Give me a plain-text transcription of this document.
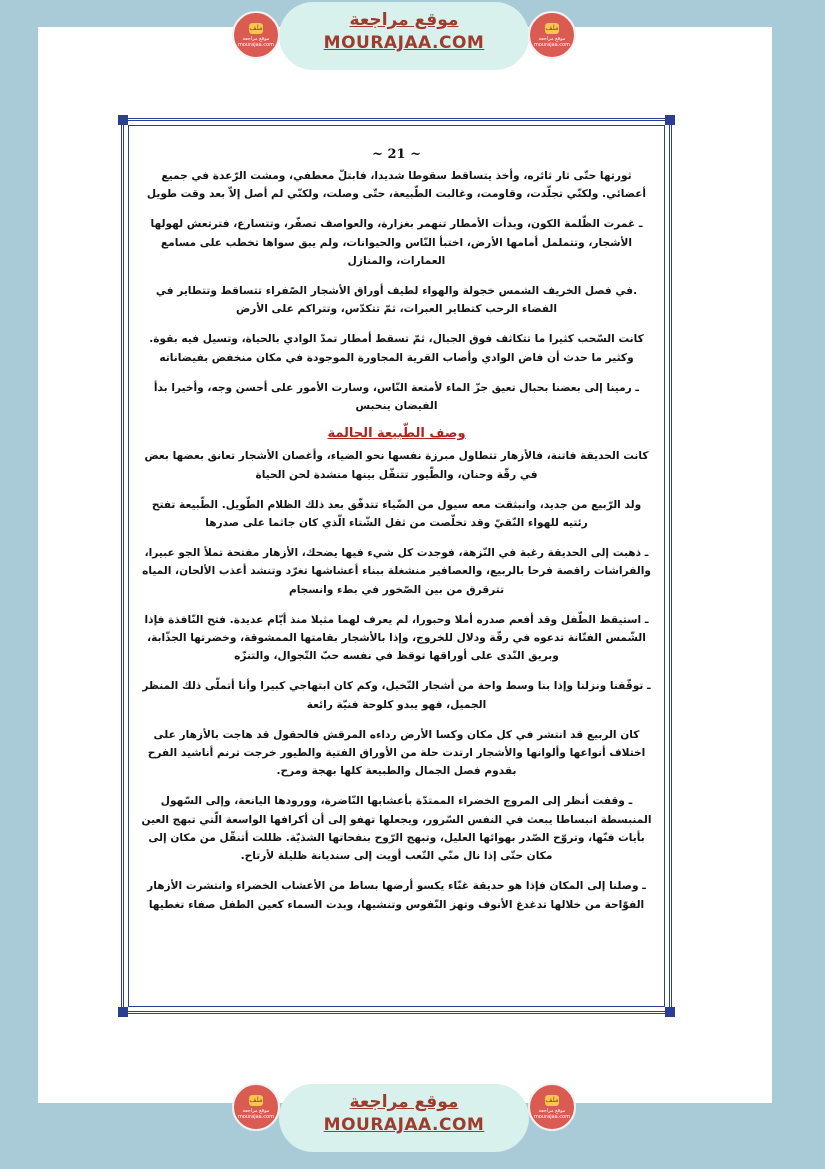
ملف
موقع مراجعة mourajaa.com
موقع مراجعة
MOURAJAA.COM
ملف
موقع مراجعة mourajaa.com
~ 21 ~

ثورتها حتّى ثار ثائره، وأخذ يتساقط سقوطا شديدا، فابتلّ معطفي، ومشت الرّعدة في جميع أعضائي. ولكنّي تجلّدت، وقاومت، وغالبت الطّبيعة، حتّى وصلت، ولكنّي لم أصل إلاّ بعد وقت طويل

ـ غمرت الظّلمة الكون، وبدأت الأمطار تنهمر بغزارة، والعواصف تصفّر، وتتسارع، فترتعش لهولها الأشجار، وتتململ أمامها الأرض، اختبأ النّاس والحيوانات، ولم يبق سواها تخطب على مسامع العمارات، والمنازل

.في فصل الخريف الشمس خجولة والهواء لطيف أوراق الأشجار الصّفراء تتساقط وتتطاير في الفضاء الرحب كتطاير العبرات، ثمّ تتكدّس، وتتراكم على الأرض

كانت السّحب كثيرا ما تتكاثف فوق الجبال، ثمّ تسقط أمطار تمدّ الوادي بالحياة، وتسيل فيه بقوة. وكثير ما حدث أن فاض الوادي وأصاب القرية المجاورة الموجودة في مكان منخفض بفيضاناته

ـ رمينا إلى بعضنا بحبال تعيق جزّ الماء لأمتعة النّاس، وسارت الأمور على أحسن وجه، وأخيرا بدأ الفيضان ينحبس

وصف الطّبيعة الحالمة

كانت الحديقة فاتنة، فالأزهار تتطاول مبرزة نفسها نحو الضياء، وأغصان الأشجار تعانق بعضها بعض في رقّة وحنان، والطّيور تتنقّل بينها منشدة لحن الحياة

ولد الرّبيع من جديد، وانبثقت معه سيول من الضّياء تتدفّق بعد ذلك الظلام الطّويل. الطّبيعة تفتح رئتيه للهواء النّقيّ وقد تخلّصت من ثقل الشّتاء الّذي كان جاثما على صدرها

ـ ذهبت إلى الحديقة رغبة في النّزهة، فوجدت كل شيء فيها يضحك، الأزهار مفتحة تملأ الجو عبيرا، والفراشات راقصة فرحا بالربيع، والعصافير منشغلة ببناء أعشاشها تغرّد وتنشد أعذب الألحان، المياه تترقرق من بين الصّخور في بطء وانسجام

ـ استيقظ الطّفل وقد أفعم صدره أملا وحبورا، لم يعرف لهما مثيلا منذ أيّام عديدة. فتح النّافذة فإذا الشّمس الفتّانة تدعوه في رقّة ودلال للخروج، وإذا بالأشجار بقامتها الممشوقة، وخضرتها الجذّابة، وبريق النّدى على أوراقها توقظ في نفسه حبّ التّجوال، والتنزّه

ـ توقّفنا ونزلنا وإذا بنا وسط واحة من أشجار النّخيل، وكم كان ابتهاجي كبيرا وأنا أتملّى ذلك المنظر الجميل، فهو يبدو كلوحة فنيّة رائعة

كان الربيع قد انتشر في كل مكان وكسا الأرض رداءه المرقش فالحقول قد هاجت بالأزهار على اختلاف أنواعها وألوانها والأشجار ارتدت حلة من الأوراق الفتية والطيور خرجت ترنم أناشيد الفرح بقدوم فصل الجمال والطبيعة كلها بهجة ومرح.

ـ وقفت أنظر إلى المروج الخضراء الممتدّة بأعشابها النّاضرة، وورودها اليانعة، وإلى السّهول المنبسطة انبساطا يبعث في النفس السّرور، ويجعلها تهفو إلى أن أكرافها الواسعة الّتي تبهج العين بأيات فنّها، وتروّح الصّدر بهوائها العليل، وتبهج الرّوح بنفحاتها الشذيّة. ظللت أتنقّل من مكان إلى مكان حتّى إذا نال منّي التّعب أويت إلى سنديانة ظليلة لأرتاح.

ـ وصلنا إلى المكان فإذا هو حديقة غنّاء يكسو أرضها بساط من الأعشاب الخضراء وانتشرت الأزهار الفوّاحة من خلالها تدغدغ الأنوف وتهز النّفوس وتنشيها، وبدت السماء كعين الطفل صفاء تغطيها

ملف
موقع مراجعة mourajaa.com
موقع مراجعة
MOURAJAA.COM
ملف
موقع مراجعة mourajaa.com
